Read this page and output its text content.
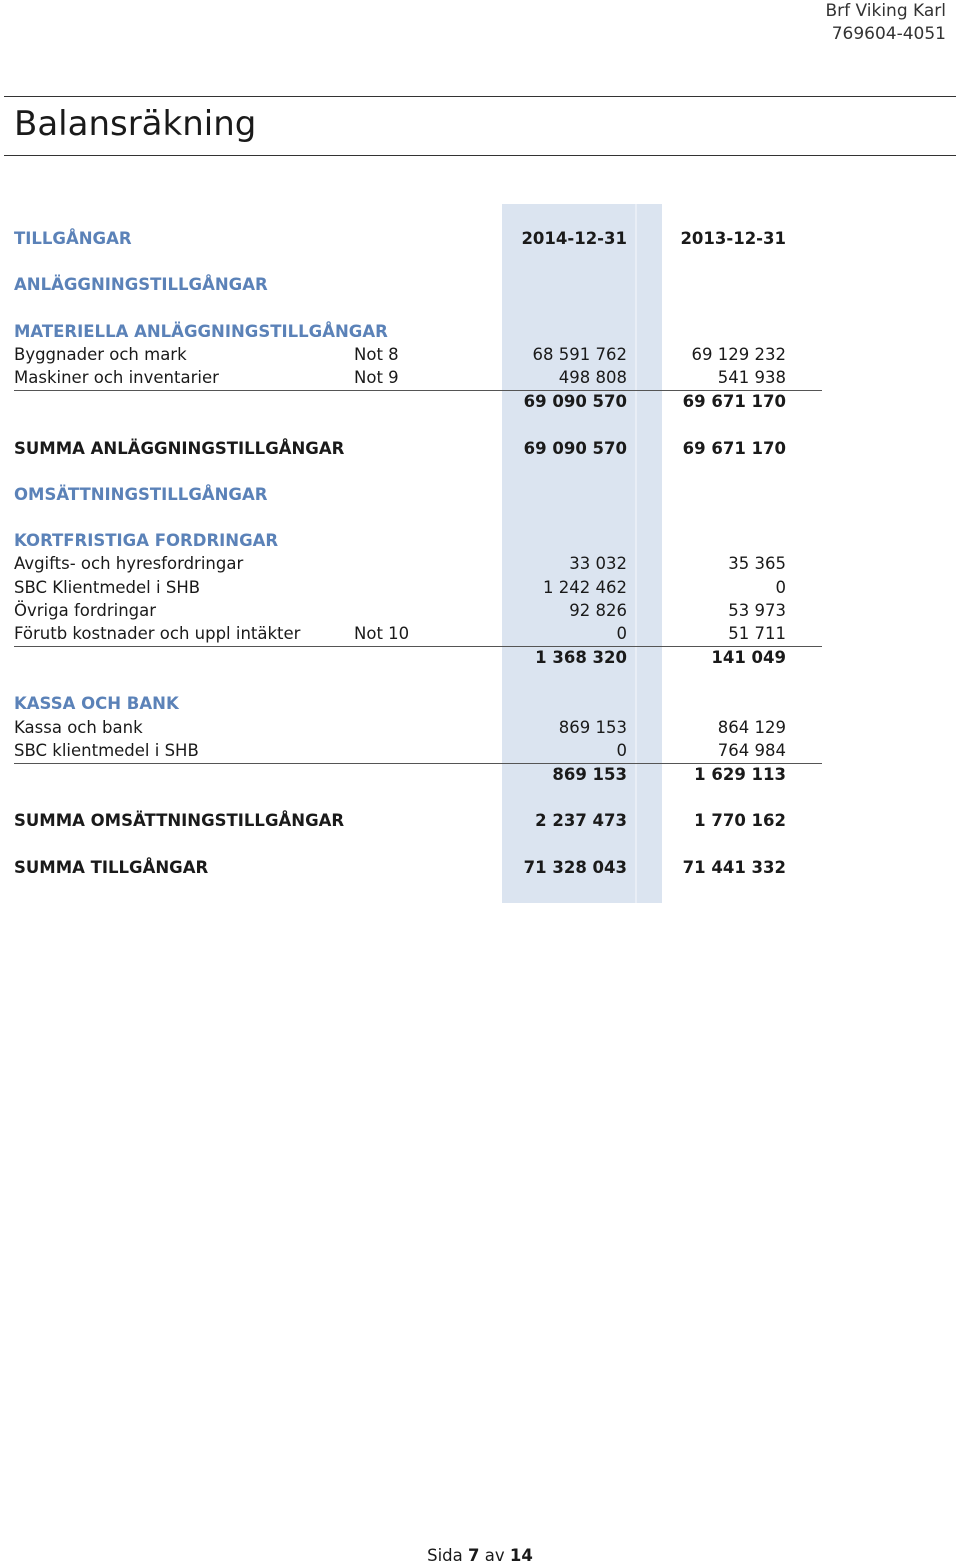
Brf Viking Karl
769604-4051
Balansräkning
TILLGÅNGAR	2014-12-31	2013-12-31
ANLÄGGNINGSTILLGÅNGAR
MATERIELLA ANLÄGGNINGSTILLGÅNGAR
Byggnader och mark	Not 8	68 591 762	69 129 232
Maskiner och inventarier	Not 9	498 808	541 938
69 090 570	69 671 170
SUMMA ANLÄGGNINGSTILLGÅNGAR	69 090 570	69 671 170
OMSÄTTNINGSTILLGÅNGAR
KORTFRISTIGA FORDRINGAR
Avgifts- och hyresfordringar	33 032	35 365
SBC Klientmedel i SHB	1 242 462	0
Övriga fordringar	92 826	53 973
Förutb kostnader och uppl intäkter	Not 10	0	51 711
1 368 320	141 049
KASSA OCH BANK
Kassa och bank	869 153	864 129
SBC klientmedel i SHB	0	764 984
869 153	1 629 113
SUMMA OMSÄTTNINGSTILLGÅNGAR	2 237 473	1 770 162
SUMMA TILLGÅNGAR	71 328 043	71 441 332
Sida 7 av 14
